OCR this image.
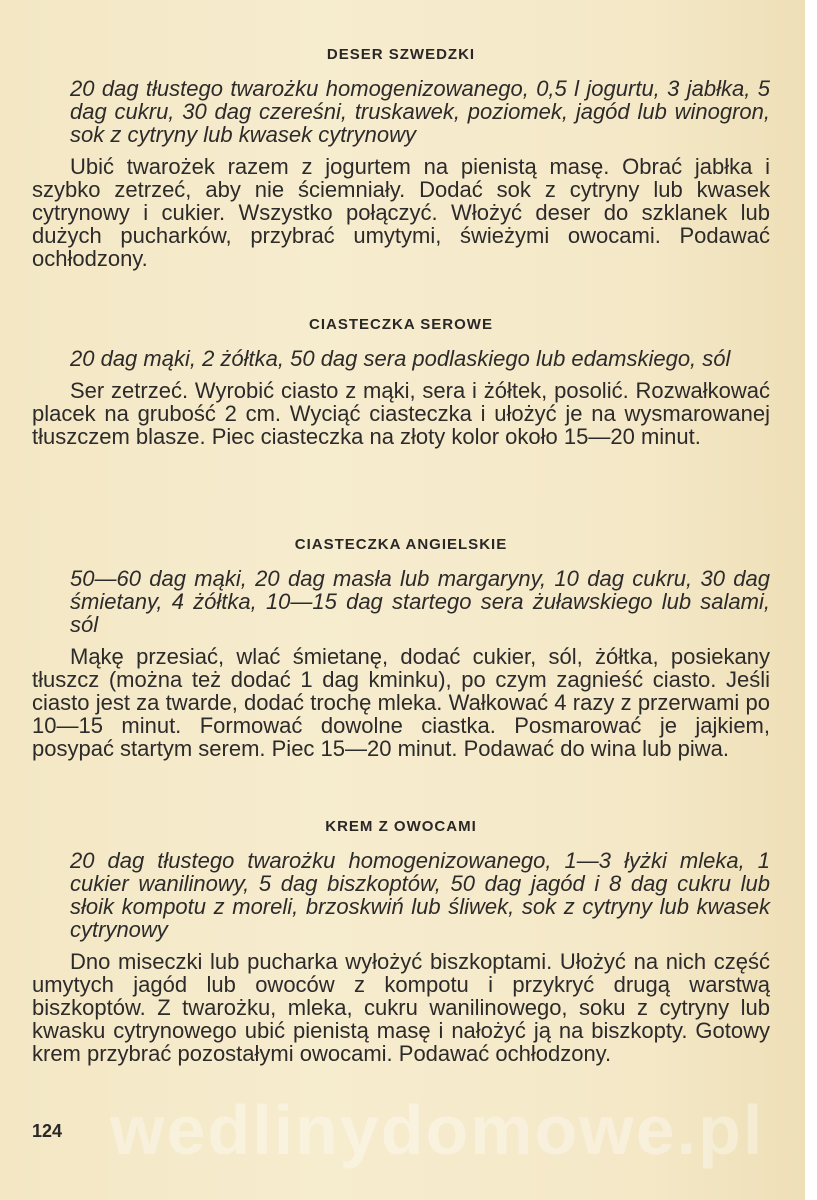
wedlinydomowe.pl
DESER SZWEDZKI

20 dag tłustego twarożku homogenizowanego, 0,5 l jogurtu, 3 jabłka, 5 dag cukru, 30 dag czereśni, truskawek, poziomek, jagód lub winogron, sok z cytryny lub kwasek cytrynowy

Ubić twarożek razem z jogurtem na pienistą masę. Obrać jabłka i szybko zetrzeć, aby nie ściemniały. Dodać sok z cytryny lub kwasek cytrynowy i cukier. Wszystko połączyć. Włożyć deser do szklanek lub dużych pucharków, przybrać umytymi, świeżymi owocami. Podawać ochłodzony.

CIASTECZKA SEROWE

20 dag mąki, 2 żółtka, 50 dag sera podlaskiego lub edamskiego, sól

Ser zetrzeć. Wyrobić ciasto z mąki, sera i żółtek, posolić. Rozwałkować placek na grubość 2 cm. Wyciąć ciasteczka i ułożyć je na wysmarowanej tłuszczem blasze. Piec ciasteczka na złoty kolor około 15—20 minut.

CIASTECZKA ANGIELSKIE

50—60 dag mąki, 20 dag masła lub margaryny, 10 dag cukru, 30 dag śmietany, 4 żółtka, 10—15 dag startego sera żuławskiego lub salami, sól

Mąkę przesiać, wlać śmietanę, dodać cukier, sól, żółtka, posiekany tłuszcz (można też dodać 1 dag kminku), po czym zagnieść ciasto. Jeśli ciasto jest za twarde, dodać trochę mleka. Wałkować 4 razy z przerwami po 10—15 minut. Formować dowolne ciastka. Posmarować je jajkiem, posypać startym serem. Piec 15—20 minut. Podawać do wina lub piwa.

KREM Z OWOCAMI

20 dag tłustego twarożku homogenizowanego, 1—3 łyżki mleka, 1 cukier wanilinowy, 5 dag biszkoptów, 50 dag jagód i 8 dag cukru lub słoik kompotu z moreli, brzoskwiń lub śliwek, sok z cytryny lub kwasek cytrynowy

Dno miseczki lub pucharka wyłożyć biszkoptami. Ułożyć na nich część umytych jagód lub owoców z kompotu i przykryć drugą warstwą biszkoptów. Z twarożku, mleka, cukru wanilinowego, soku z cytryny lub kwasku cytrynowego ubić pienistą masę i nałożyć ją na biszkopty. Gotowy krem przybrać pozostałymi owocami. Podawać ochłodzony.

124
